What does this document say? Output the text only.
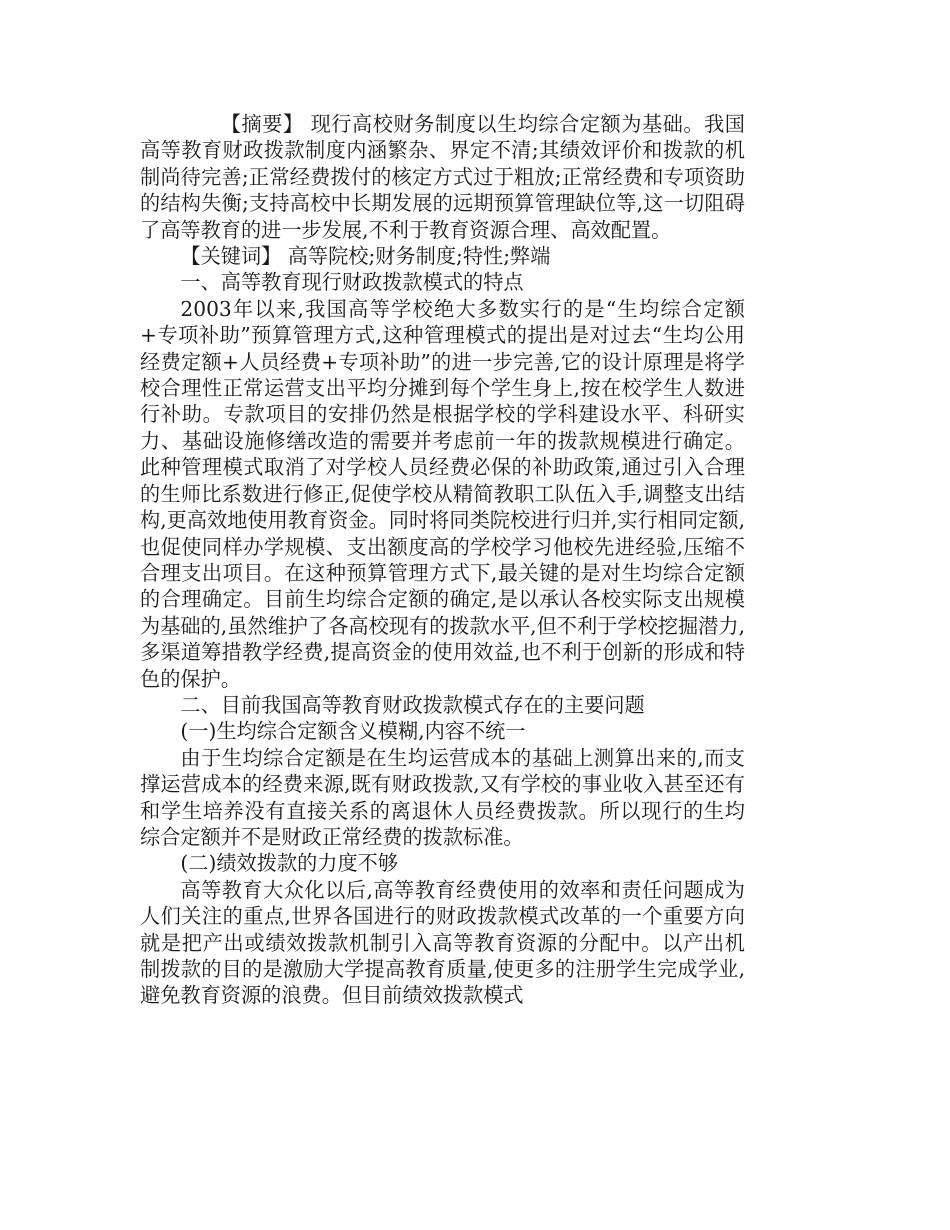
【摘要】 现行高校财务制度以生均综合定额为基础。我国高等教育财政拨款制度内涵繁杂、界定不清;其绩效评价和拨款的机制尚待完善;正常经费拨付的核定方式过于粗放;正常经费和专项资助的结构失衡;支持高校中长期发展的远期预算管理缺位等,这一切阻碍了高等教育的进一步发展,不利于教育资源合理、高效配置。

【关键词】 高等院校;财务制度;特性;弊端

一、高等教育现行财政拨款模式的特点

2003年以来,我国高等学校绝大多数实行的是“生均综合定额+专项补助”预算管理方式,这种管理模式的提出是对过去“生均公用经费定额+人员经费+专项补助”的进一步完善,它的设计原理是将学校合理性正常运营支出平均分摊到每个学生身上,按在校学生人数进行补助。专款项目的安排仍然是根据学校的学科建设水平、科研实力、基础设施修缮改造的需要并考虑前一年的拨款规模进行确定。此种管理模式取消了对学校人员经费必保的补助政策,通过引入合理的生师比系数进行修正,促使学校从精简教职工队伍入手,调整支出结构,更高效地使用教育资金。同时将同类院校进行归并,实行相同定额,也促使同样办学规模、支出额度高的学校学习他校先进经验,压缩不合理支出项目。在这种预算管理方式下,最关键的是对生均综合定额的合理确定。目前生均综合定额的确定,是以承认各校实际支出规模为基础的,虽然维护了各高校现有的拨款水平,但不利于学校挖掘潜力,多渠道筹措教学经费,提高资金的使用效益,也不利于创新的形成和特色的保护。

二、目前我国高等教育财政拨款模式存在的主要问题

(一)生均综合定额含义模糊,内容不统一

由于生均综合定额是在生均运营成本的基础上测算出来的,而支撑运营成本的经费来源,既有财政拨款,又有学校的事业收入甚至还有和学生培养没有直接关系的离退休人员经费拨款。所以现行的生均综合定额并不是财政正常经费的拨款标准。

(二)绩效拨款的力度不够

高等教育大众化以后,高等教育经费使用的效率和责任问题成为人们关注的重点,世界各国进行的财政拨款模式改革的一个重要方向就是把产出或绩效拨款机制引入高等教育资源的分配中。以产出机制拨款的目的是激励大学提高教育质量,使更多的注册学生完成学业,避免教育资源的浪费。但目前绩效拨款模式
